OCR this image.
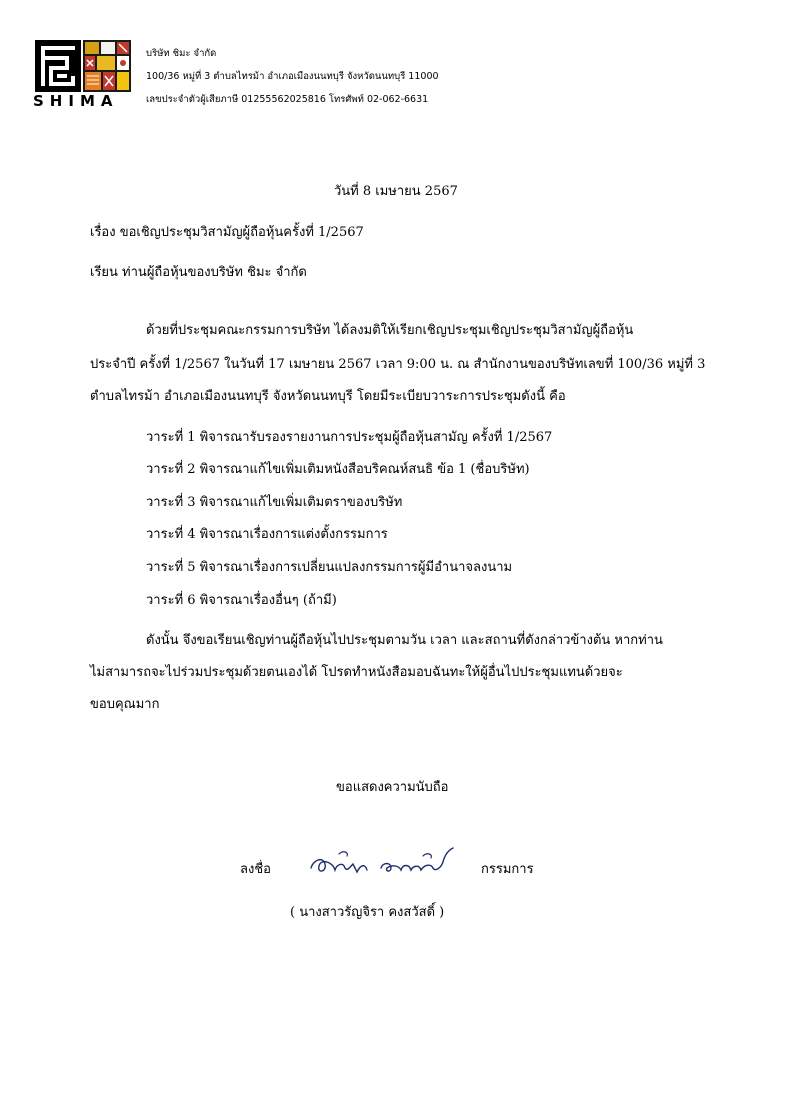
SHIMA
บริษัท ชิมะ จำกัด
100/36 หมู่ที่ 3 ตำบลไทรม้า อำเภอเมืองนนทบุรี จังหวัดนนทบุรี 11000
เลขประจำตัวผู้เสียภาษี 0125556202581​6 โทรศัพท์ 02-062-6631
วันที่ 8 เมษายน 2567
เรื่อง ขอเชิญประชุมวิสามัญผู้ถือหุ้นครั้งที่ 1/2567
เรียน ท่านผู้ถือหุ้นของบริษัท ชิมะ จำกัด
ด้วยที่ประชุมคณะกรรมการบริษัท ได้ลงมติให้เรียกเชิญประชุมเชิญประชุมวิสามัญผู้ถือหุ้น
ประจำปี ครั้งที่ 1/2567 ในวันที่ 17 เมษายน 2567 เวลา 9:00 น. ณ สำนักงานของบริษัทเลขที่ 100/36 หมู่ที่ 3
ตำบลไทรม้า อำเภอเมืองนนทบุรี จังหวัดนนทบุรี โดยมีระเบียบวาระการประชุมดังนี้ คือ
วาระที่ 1 พิจารณารับรองรายงานการประชุมผู้ถือหุ้นสามัญ ครั้งที่ 1/2567
วาระที่ 2 พิจารณาแก้ไขเพิ่มเติมหนังสือบริคณห์สนธิ ข้อ 1 (ชื่อบริษัท)
วาระที่ 3 พิจารณาแก้ไขเพิ่มเติมตราของบริษัท
วาระที่ 4 พิจารณาเรื่องการแต่งตั้งกรรมการ
วาระที่ 5 พิจารณาเรื่องการเปลี่ยนแปลงกรรมการผู้มีอำนาจลงนาม
วาระที่ 6 พิจารณาเรื่องอื่นๆ (ถ้ามี)
ดังนั้น จึงขอเรียนเชิญท่านผู้ถือหุ้นไปประชุมตามวัน เวลา และสถานที่ดังกล่าวข้างต้น หากท่าน
ไม่สามารถจะไปร่วมประชุมด้วยตนเองได้ โปรดทำหนังสือมอบฉันทะให้ผู้อื่นไปประชุมแทนด้วยจะ
ขอบคุณมาก
ขอแสดงความนับถือ
ลงชื่อ	กรรมการ
( นางสาวรัญจิรา คงสวัสดิ์ )
